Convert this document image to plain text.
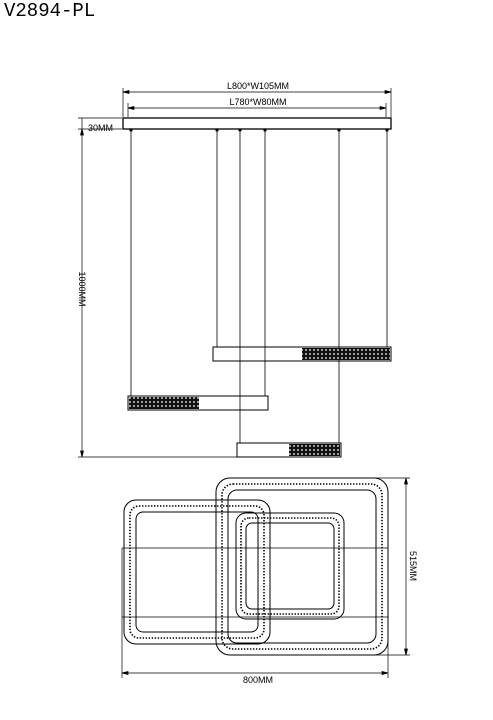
V2894-PL
L800*W105MM
L780*W80MM
30MM
1000MM
515MM
800MM
